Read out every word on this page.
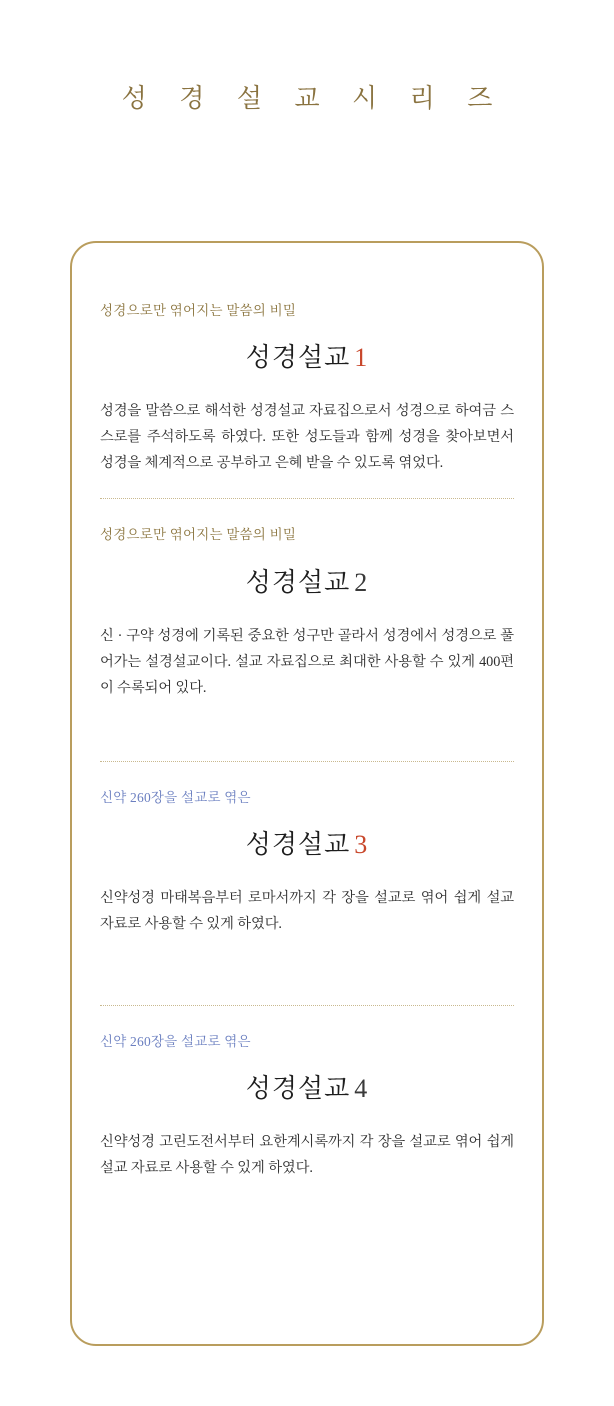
성 경 설 교 시 리 즈
성경으로만 엮어지는 말씀의 비밀
성경설교 1
성경을 말씀으로 해석한 성경설교 자료집으로서 성경으로 하여금 스스로를 주석하도록 하였다. 또한 성도들과 함께 성경을 찾아보면서 성경을 체계적으로 공부하고 은혜 받을 수 있도록 엮었다.
성경으로만 엮어지는 말씀의 비밀
성경설교 2
신 · 구약 성경에 기록된 중요한 성구만 골라서 성경에서 성경으로 풀어가는 설경설교이다. 설교 자료집으로 최대한 사용할 수 있게 400편이 수록되어 있다.
신약 260장을 설교로 엮은
성경설교 3
신약성경 마태복음부터 로마서까지 각 장을 설교로 엮어 쉽게 설교 자료로 사용할 수 있게 하였다.
신약 260장을 설교로 엮은
성경설교 4
신약성경 고린도전서부터 요한계시록까지 각 장을 설교로 엮어 쉽게 설교 자료로 사용할 수 있게 하였다.
